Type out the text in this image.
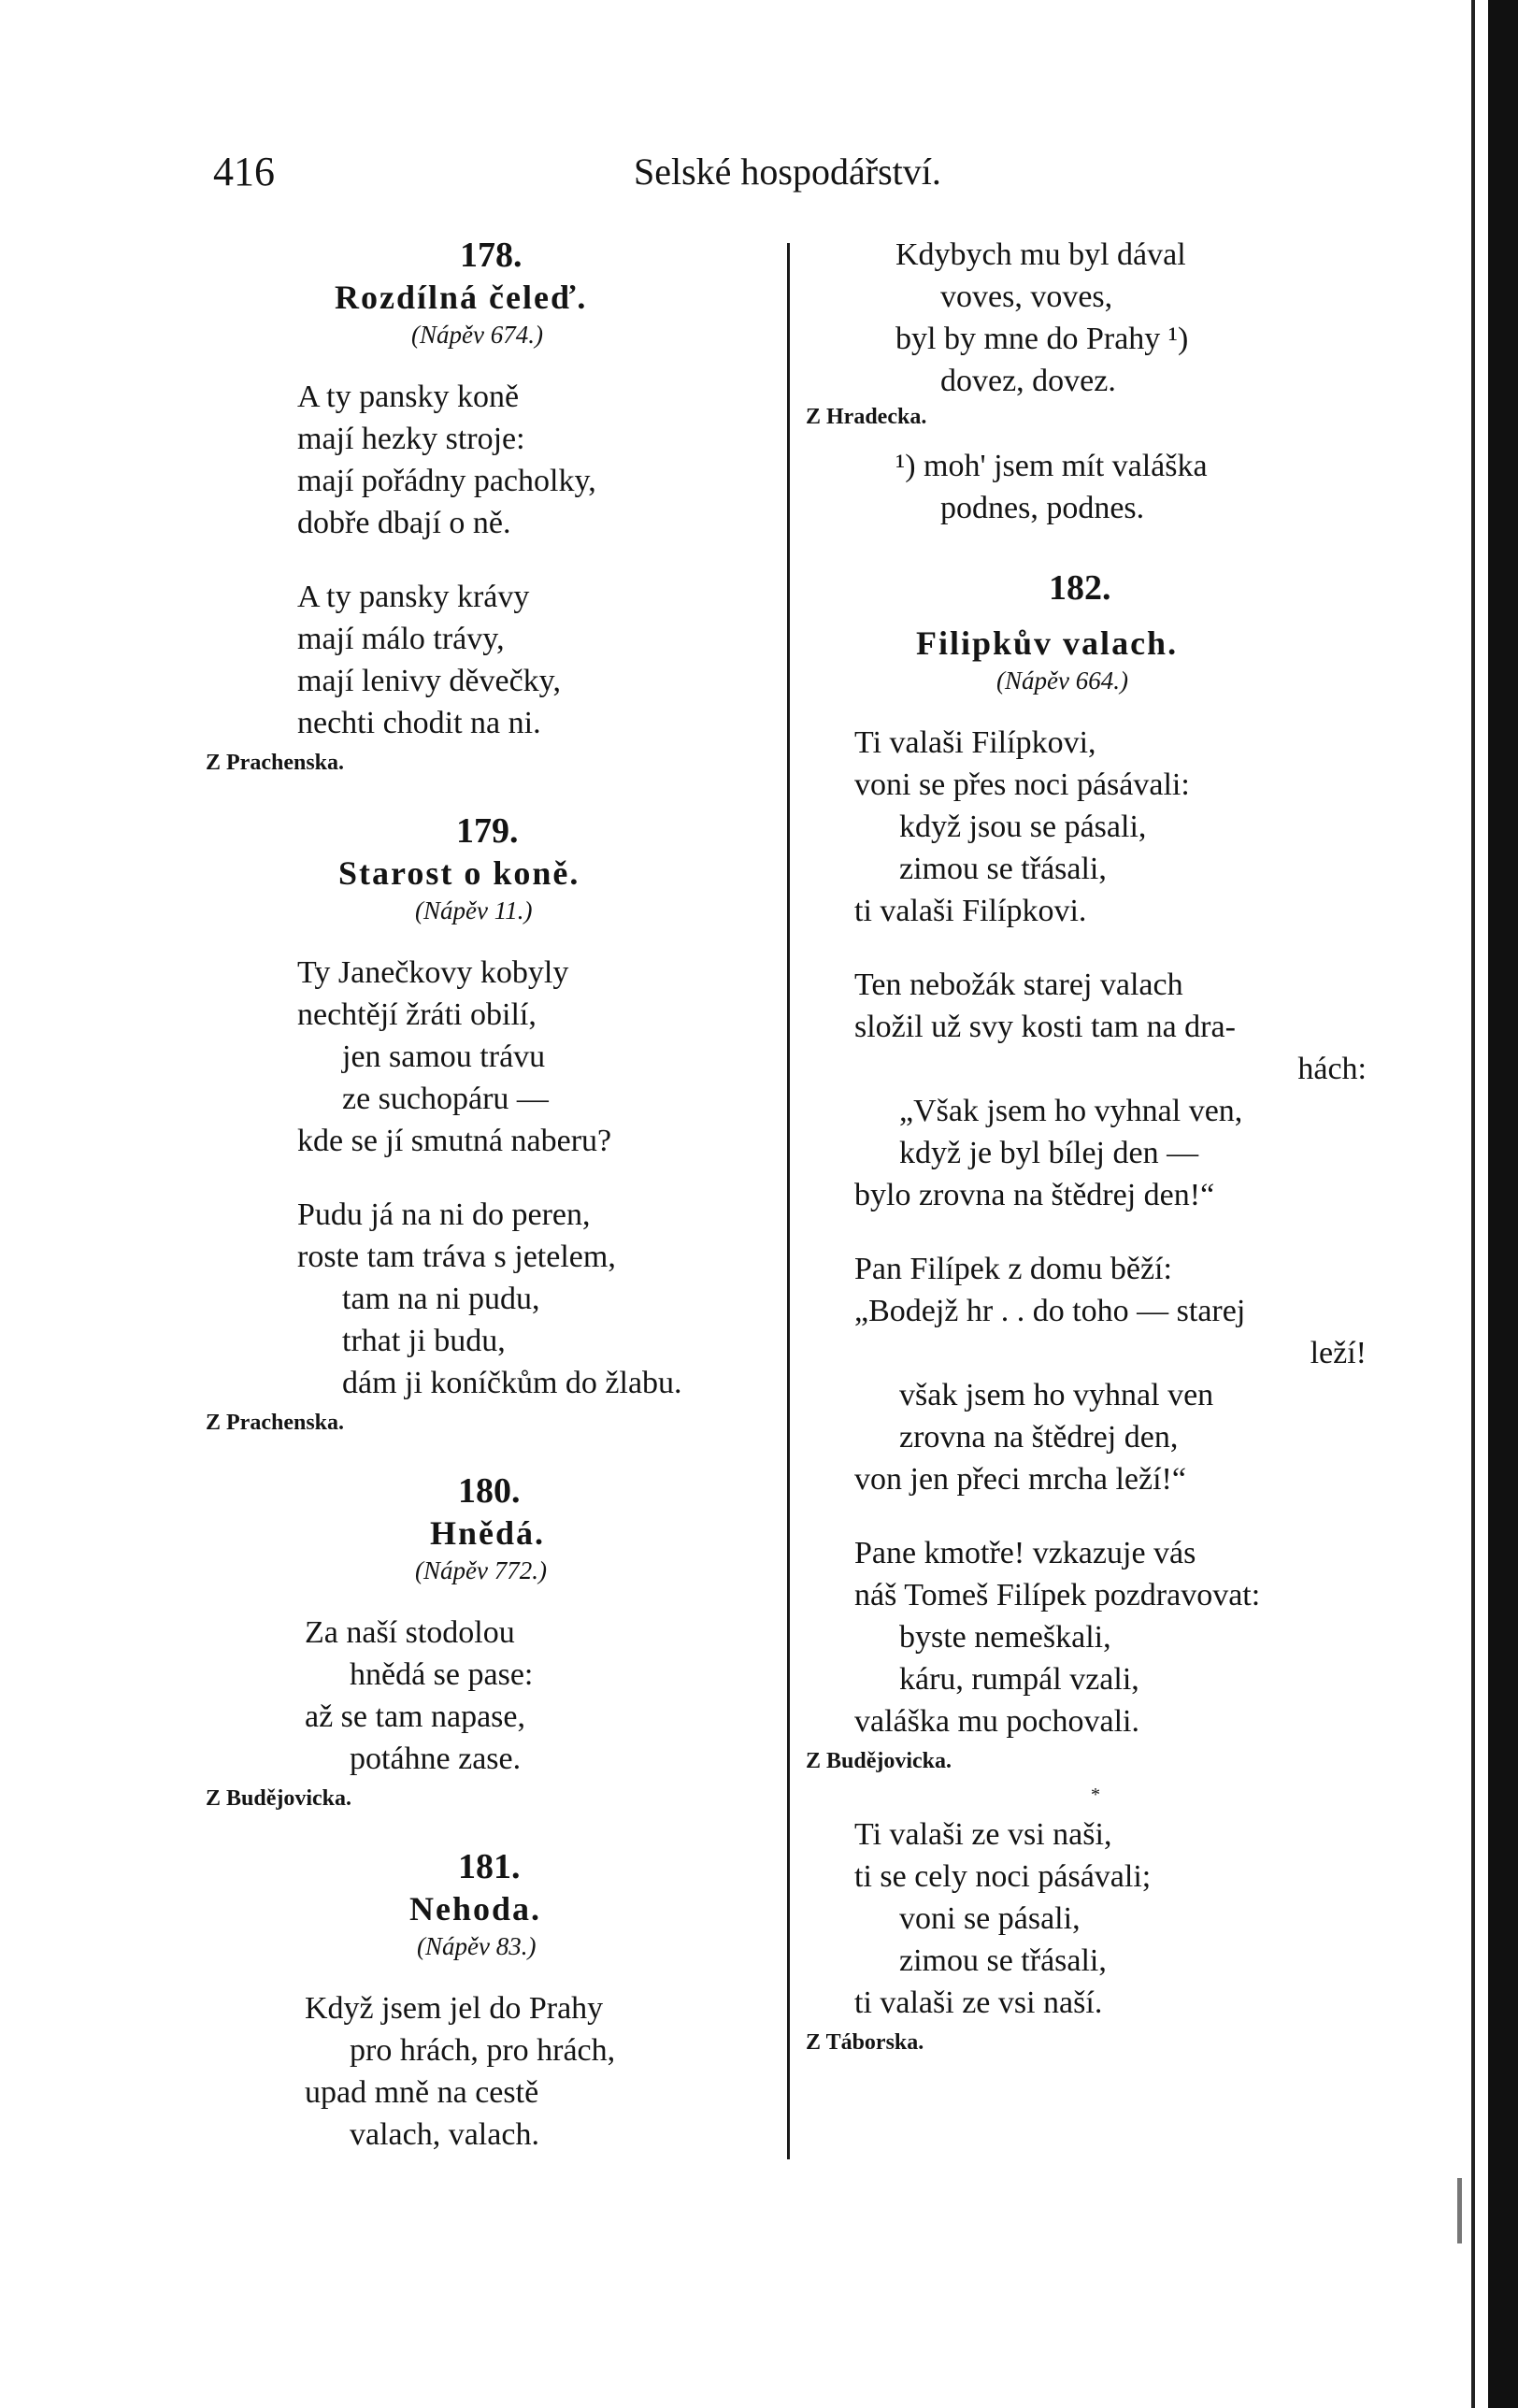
416	Selské hospodářství.
178.
Rozdílná čeleď.
(Nápěv 674.)
A ty pansky koně
mají hezky stroje:
mají pořádny pacholky,
dobře dbají o ně.
A ty pansky krávy
mají málo trávy,
mají lenivy děvečky,
nechti chodit na ni.
Z Prachenska.
179.
Starost o koně.
(Nápěv 11.)
Ty Janečkovy kobyly
nechtějí žráti obilí,
jen samou trávu
ze suchopáru —
kde se jí smutná naberu?
Pudu já na ni do peren,
roste tam tráva s jetelem,
tam na ni pudu,
trhat ji budu,
dám ji koníčkům do žlabu.
Z Prachenska.
180.
Hnědá.
(Nápěv 772.)
Za naší stodolou
hnědá se pase:
až se tam napase,
potáhne zase.
Z Budějovicka.
181.
Nehoda.
(Nápěv 83.)
Když jsem jel do Prahy
pro hrách, pro hrách,
upad mně na cestě
valach, valach.
Kdybych mu byl dával
voves, voves,
byl by mne do Prahy ¹)
dovez, dovez.
Z Hradecka.
¹) moh' jsem mít valáška
podnes, podnes.
182.
Filipkův valach.
(Nápěv 664.)
Ti valaši Filípkovi,
voni se přes noci pásávali:
když jsou se pásali,
zimou se třásali,
ti valaši Filípkovi.
Ten nebožák starej valach
složil už svy kosti tam na dra-
hách:
„Však jsem ho vyhnal ven,
když je byl bílej den —
bylo zrovna na štědrej den!“
Pan Filípek z domu běží:
„Bodejž hr . . do toho — starej
leží!
však jsem ho vyhnal ven
zrovna na štědrej den,
von jen přeci mrcha leží!“
Pane kmotře! vzkazuje vás
náš Tomeš Filípek pozdravovat:
byste nemeškali,
káru, rumpál vzali,
valáška mu pochovali.
Z Budějovicka.
*
Ti valaši ze vsi naši,
ti se cely noci pásávali;
voni se pásali,
zimou se třásali,
ti valaši ze vsi naší.
Z Táborska.
